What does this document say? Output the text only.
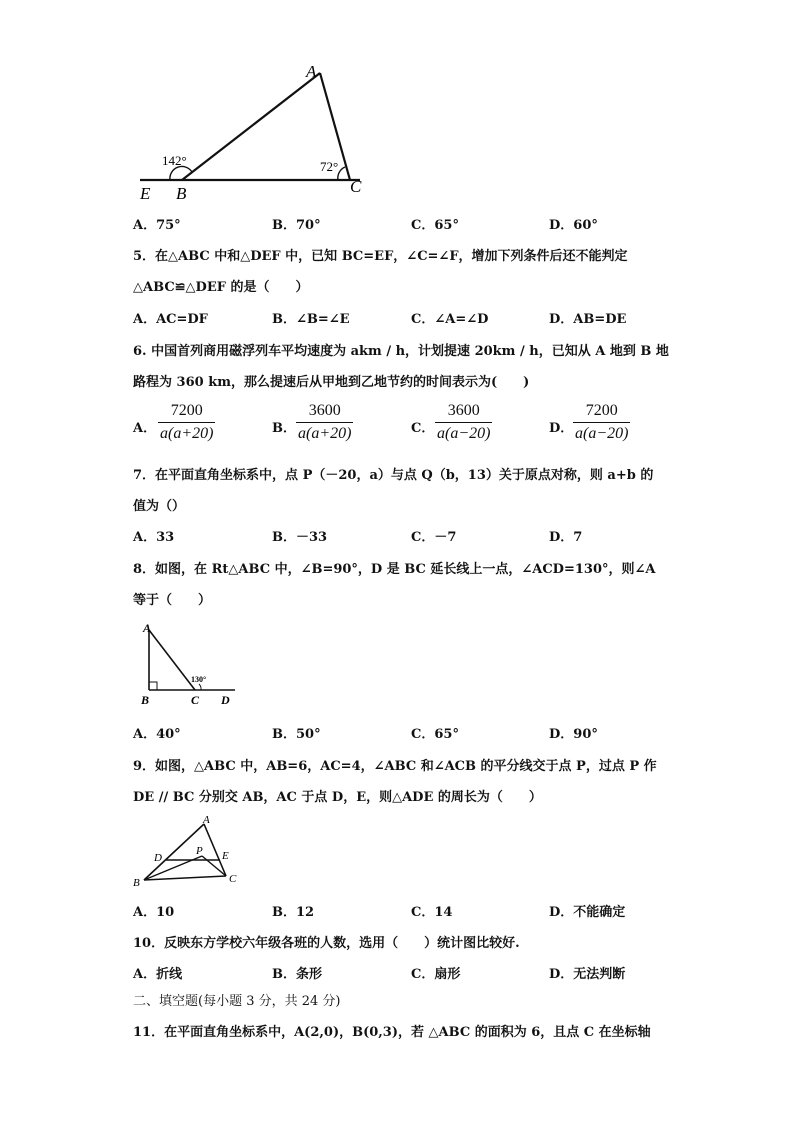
A
B	C
E
142°	72°
A．75°	B．70°	C．65°	D．60°
5．在△ABC 中和△DEF 中，已知 BC=EF，∠C=∠F，增加下列条件后还不能判定
△ABC≌△DEF 的是（　　）
A．AC=DF	B．∠B=∠E	C．∠A=∠D	D．AB=DE
6. 中国首列商用磁浮列车平均速度为 akm / h，计划提速 20km / h，已知从 A 地到 B 地
路程为 360 km，那么提速后从甲地到乙地节约的时间表示为(　　)
A． $\frac{7200}{a(a+20)}$	B． $\frac{3600}{a(a+20)}$	C． $\frac{3600}{a(a-20)}$	D． $\frac{7200}{a(a-20)}$
7．在平面直角坐标系中，点 P（－20，a）与点 Q（b，13）关于原点对称，则 a+b 的
值为（）
A．33	B．－33	C．－7	D．7
8．如图，在 Rt△ABC 中，∠B=90°，D 是 BC 延长线上一点，∠ACD=130°，则∠A
等于（　　）
A
B	C D
130°
A．40°	B．50°	C．65°	D．90°
9．如图，△ABC 中，AB=6，AC=4，∠ABC 和∠ACB 的平分线交于点 P，过点 P 作
DE // BC 分别交 AB，AC 于点 D，E，则△ADE 的周长为（　　）
A
B	C
D	E
P
A．10	B．12	C．14	D．不能确定
10．反映东方学校六年级各班的人数，选用（　　）统计图比较好.
A．折线	B．条形	C．扇形	D．无法判断
二、填空题(每小题 3 分，共 24 分)
11．在平面直角坐标系中，A(2,0)，B(0,3)，若 △ABC 的面积为 6，且点 C 在坐标轴
